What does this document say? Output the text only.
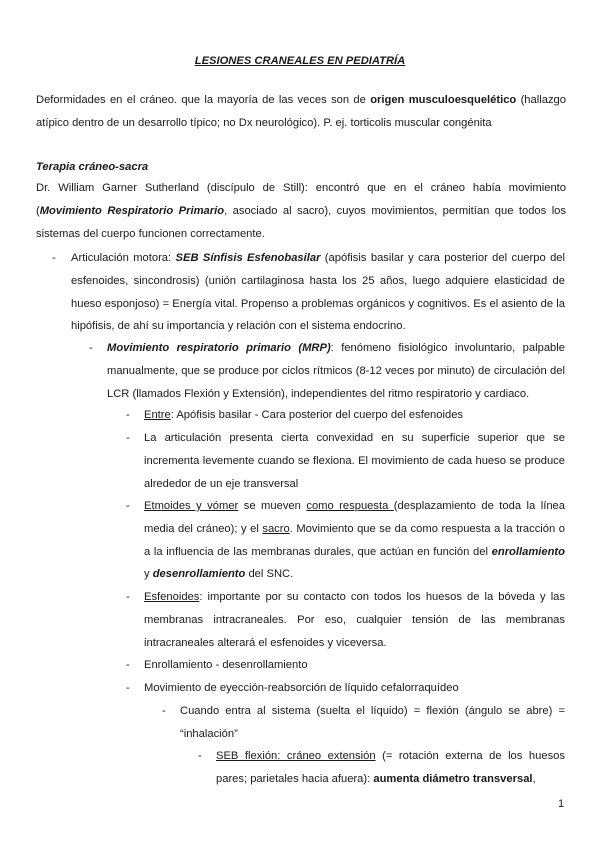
LESIONES CRANEALES EN PEDIATRÍA
Deformidades en el cráneo. que la mayoría de las veces son de origen musculoesquelético (hallazgo atípico dentro de un desarrollo típico; no Dx neurológico). P. ej. torticolis muscular congénita
Terapia cráneo-sacra
Dr. William Garner Sutherland (discípulo de Still): encontró que en el cráneo había movimiento (Movimiento Respiratorio Primario, asociado al sacro), cuyos movimientos, permitían que todos los sistemas del cuerpo funcionen correctamente.
- Articulación motora: SEB Sínfisis Esfenobasilar (apófisis basilar y cara posterior del cuerpo del esfenoides, sincondrosis) (unión cartilaginosa hasta los 25 años, luego adquiere elasticidad de hueso esponjoso) = Energía vital. Propenso a problemas orgánicos y cognitivos. Es el asiento de la hipófisis, de ahí su importancia y relación con el sistema endocrino.
- Movimiento respiratorio primario (MRP): fenómeno fisiológico involuntario, palpable manualmente, que se produce por ciclos rítmicos (8-12 veces por minuto) de circulación del LCR (llamados Flexión y Extensión), independientes del ritmo respiratorio y cardiaco.
- Entre: Apófisis basilar - Cara posterior del cuerpo del esfenoides
- La articulación presenta cierta convexidad en su superficie superior que se incrementa levemente cuando se flexiona. El movimiento de cada hueso se produce alrededor de un eje transversal
- Etmoides y vómer se mueven como respuesta (desplazamiento de toda la línea media del cráneo); y el sacro. Movimiento que se da como respuesta a la tracción o a la influencia de las membranas durales, que actúan en función del enrollamiento y desenrollamiento del SNC.
- Esfenoides: importante por su contacto con todos los huesos de la bóveda y las membranas intracraneales. Por eso, cualquier tensión de las membranas intracraneales alterará el esfenoides y viceversa.
- Enrollamiento - desenrollamiento
- Movimiento de eyección-reabsorción de líquido cefalorraquídeo
- Cuando entra al sistema (suelta el líquido) = flexión (ángulo se abre) = “inhalación”
- SEB flexión: cráneo extensión (= rotación externa de los huesos pares; parietales hacia afuera): aumenta diámetro transversal,
1
